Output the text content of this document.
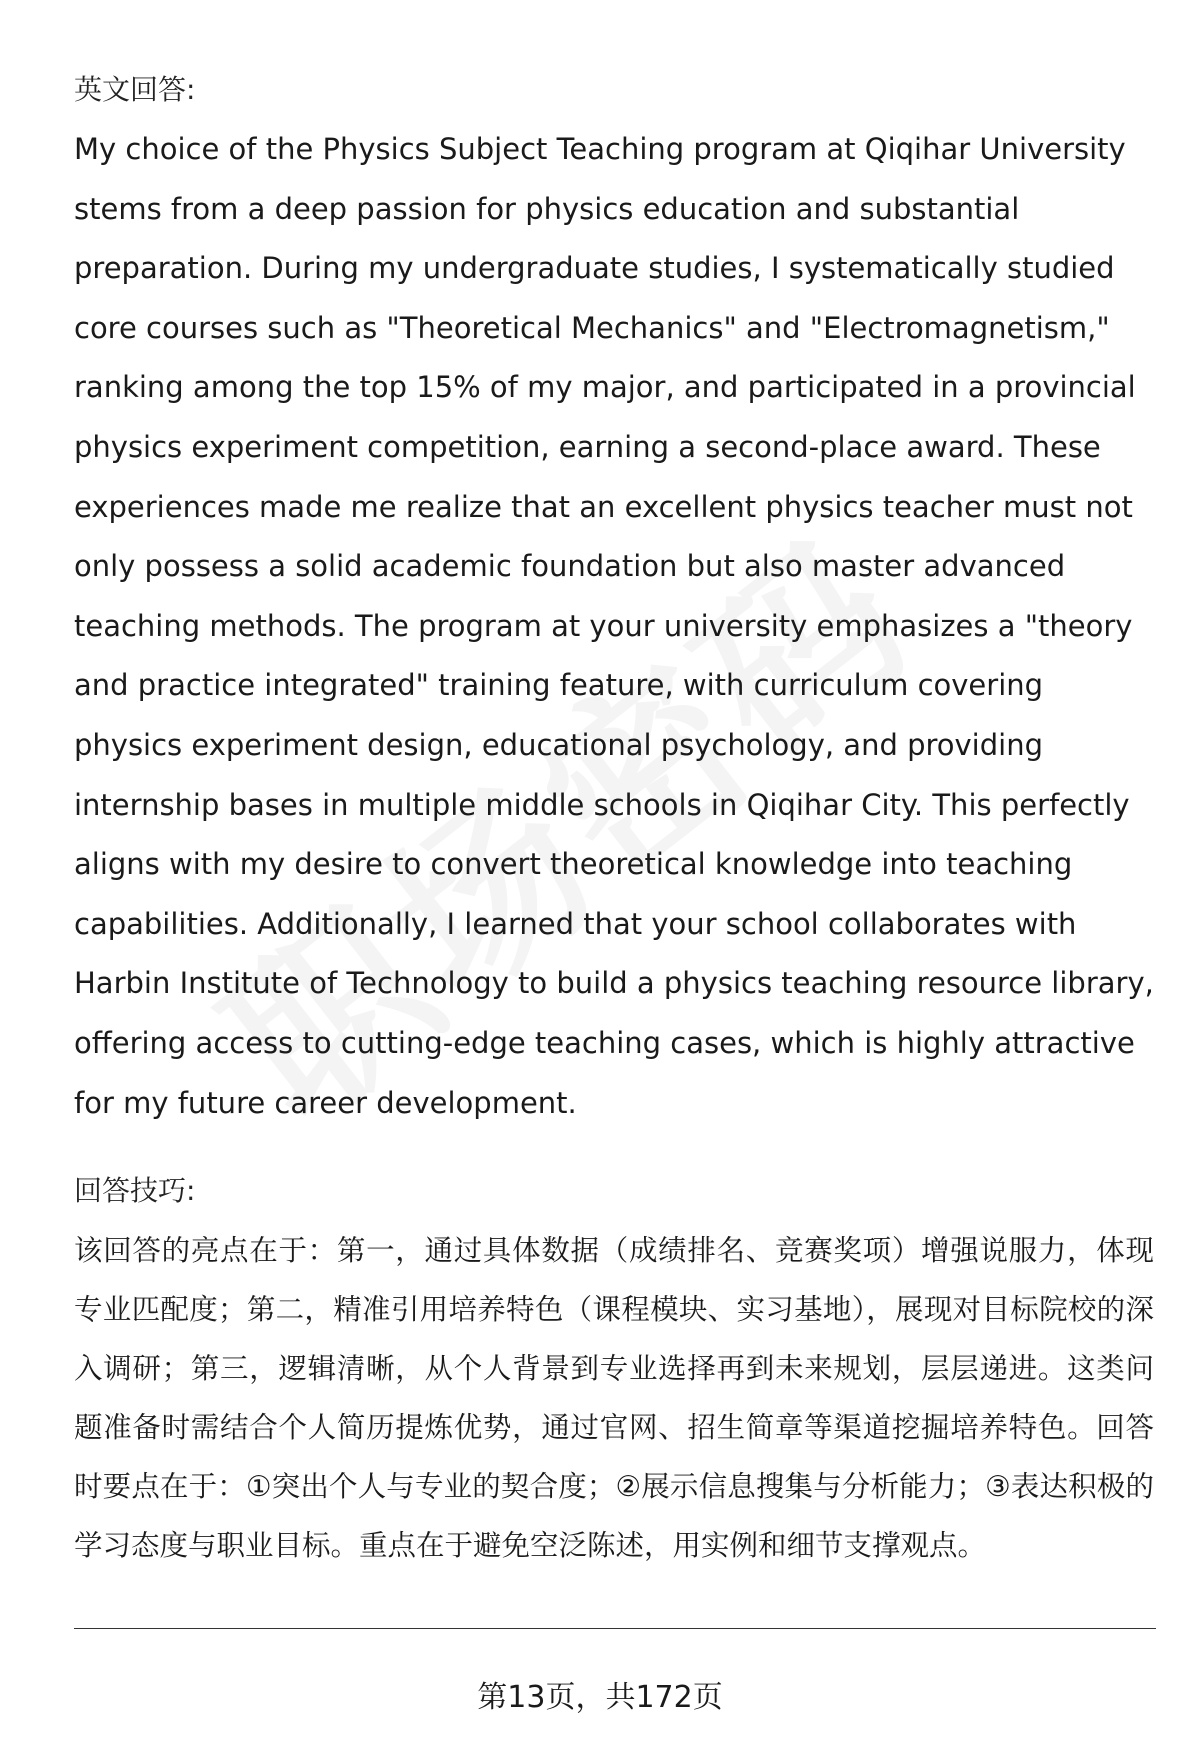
英文回答:

My choice of the Physics Subject Teaching program at Qiqihar University stems from a deep passion for physics education and substantial preparation. During my undergraduate studies, I systematically studied core courses such as "Theoretical Mechanics" and "Electromagnetism," ranking among the top 15% of my major, and participated in a provincial physics experiment competition, earning a second-place award. These experiences made me realize that an excellent physics teacher must not only possess a solid academic foundation but also master advanced teaching methods. The program at your university emphasizes a "theory and practice integrated" training feature, with curriculum covering physics experiment design, educational psychology, and providing internship bases in multiple middle schools in Qiqihar City. This perfectly aligns with my desire to convert theoretical knowledge into teaching capabilities. Additionally, I learned that your school collaborates with Harbin Institute of Technology to build a physics teaching resource library, offering access to cutting-edge teaching cases, which is highly attractive for my future career development.

回答技巧:

该回答的亮点在于：第一，通过具体数据（成绩排名、竞赛奖项）增强说服力，体现专业匹配度；第二，精准引用培养特色（课程模块、实习基地），展现对目标院校的深入调研；第三，逻辑清晰，从个人背景到专业选择再到未来规划，层层递进。这类问题准备时需结合个人简历提炼优势，通过官网、招生简章等渠道挖掘培养特色。回答时要点在于：①突出个人与专业的契合度；②展示信息搜集与分析能力；③表达积极的学习态度与职业目标。重点在于避免空泛陈述，用实例和细节支撑观点。

第13页，共172页
